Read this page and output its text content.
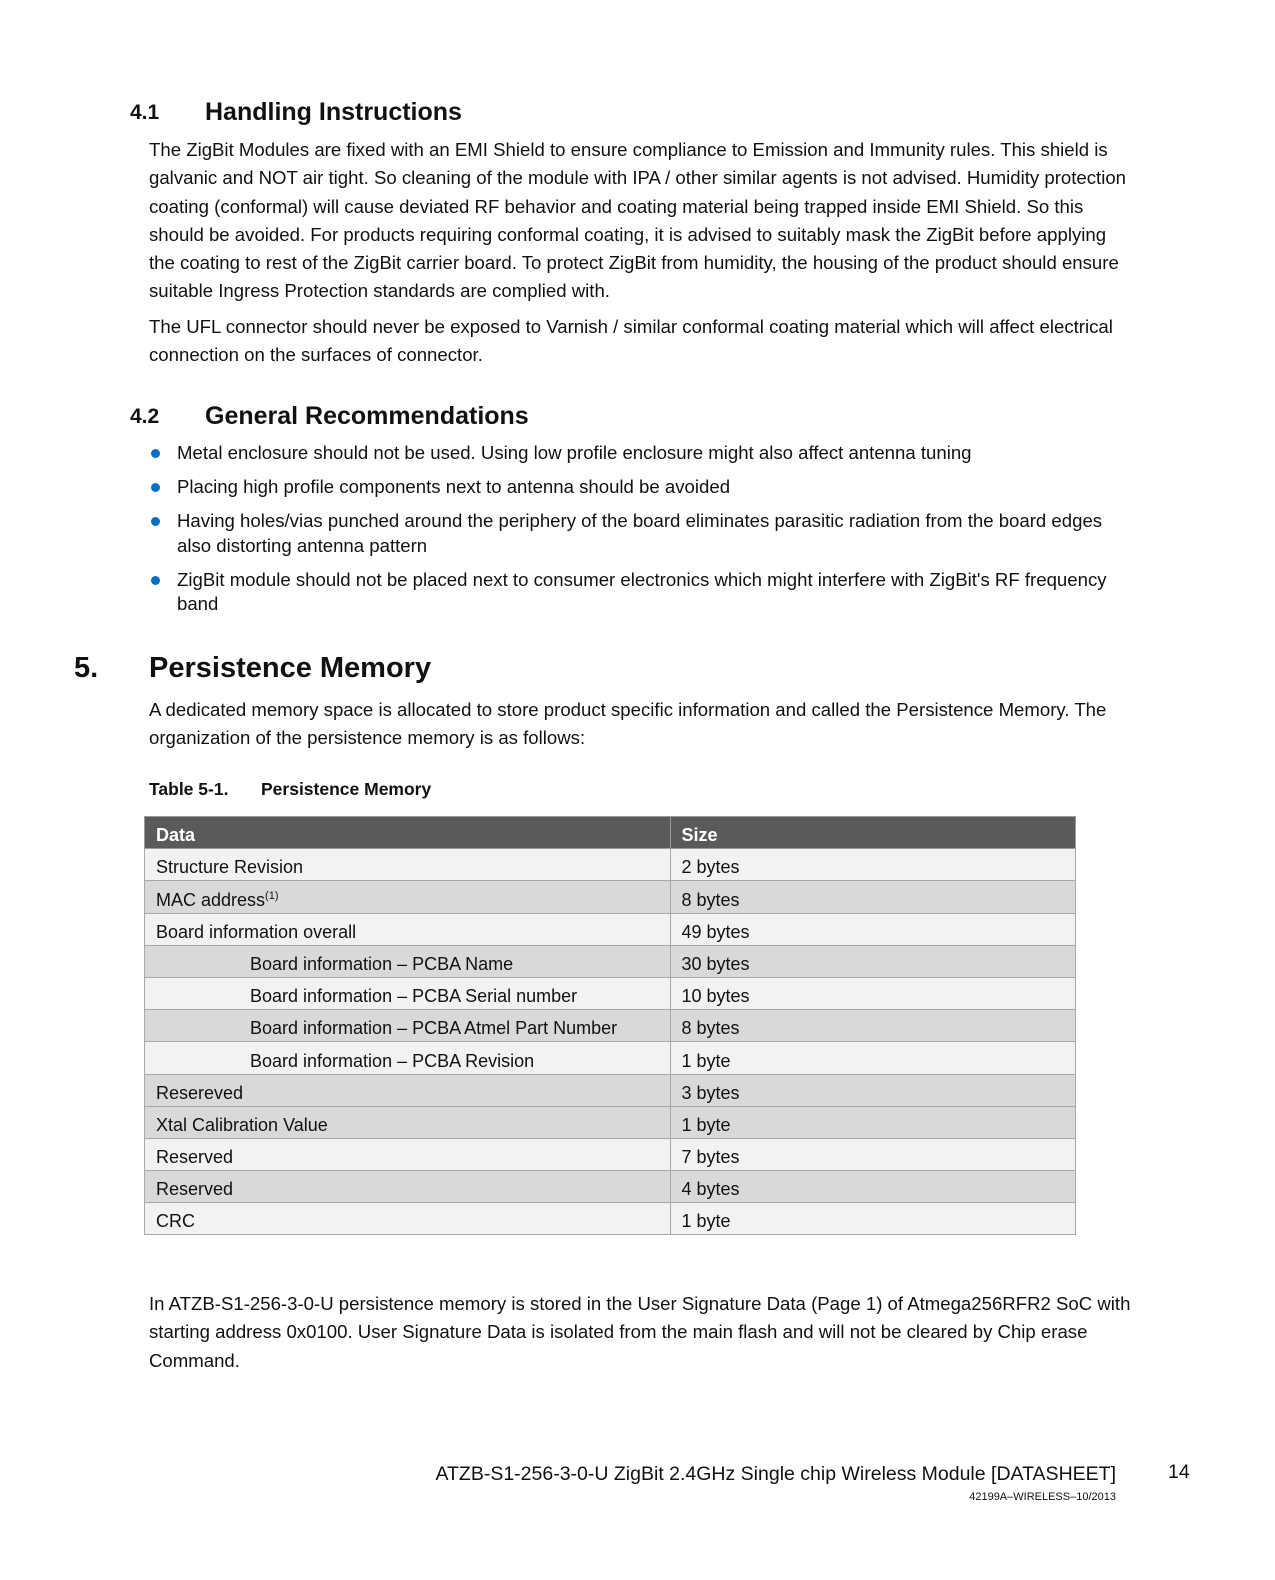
4.1 Handling Instructions
The ZigBit Modules are fixed with an EMI Shield to ensure compliance to Emission and Immunity rules. This shield is
galvanic and NOT air tight. So cleaning of the module with IPA / other similar agents is not advised. Humidity protection
coating (conformal) will cause deviated RF behavior and coating material being trapped inside EMI Shield. So this
should be avoided. For products requiring conformal coating, it is advised to suitably mask the ZigBit before applying
the coating to rest of the ZigBit carrier board. To protect ZigBit from humidity, the housing of the product should ensure
suitable Ingress Protection standards are complied with.
The UFL connector should never be exposed to Varnish / similar conformal coating material which will affect electrical
connection on the surfaces of connector.
4.2 General Recommendations
Metal enclosure should not be used. Using low profile enclosure might also affect antenna tuning
Placing high profile components next to antenna should be avoided
Having holes/vias punched around the periphery of the board eliminates parasitic radiation from the board edges
also distorting antenna pattern
ZigBit module should not be placed next to consumer electronics which might interfere with ZigBit's RF frequency
band
5. Persistence Memory
A dedicated memory space is allocated to store product specific information and called the Persistence Memory. The
organization of the persistence memory is as follows:
Table 5-1. Persistence Memory
Data	Size
Structure Revision	2 bytes
MAC address$^{(1)}$	8 bytes
Board information overall	49 bytes
Board information – PCBA Name	30 bytes
Board information – PCBA Serial number	10 bytes
Board information – PCBA Atmel Part Number	8 bytes
Board information – PCBA Revision	1 byte
Resereved	3 bytes
Xtal Calibration Value	1 byte
Reserved	7 bytes
Reserved	4 bytes
CRC	1 byte
In ATZB-S1-256-3-0-U persistence memory is stored in the User Signature Data (Page 1) of Atmega256RFR2 SoC with
starting address 0x0100. User Signature Data is isolated from the main flash and will not be cleared by Chip erase
Command.
ATZB-S1-256-3-0-U ZigBit 2.4GHz Single chip Wireless Module [DATASHEET]	14
42199A–WIRELESS–10/2013
